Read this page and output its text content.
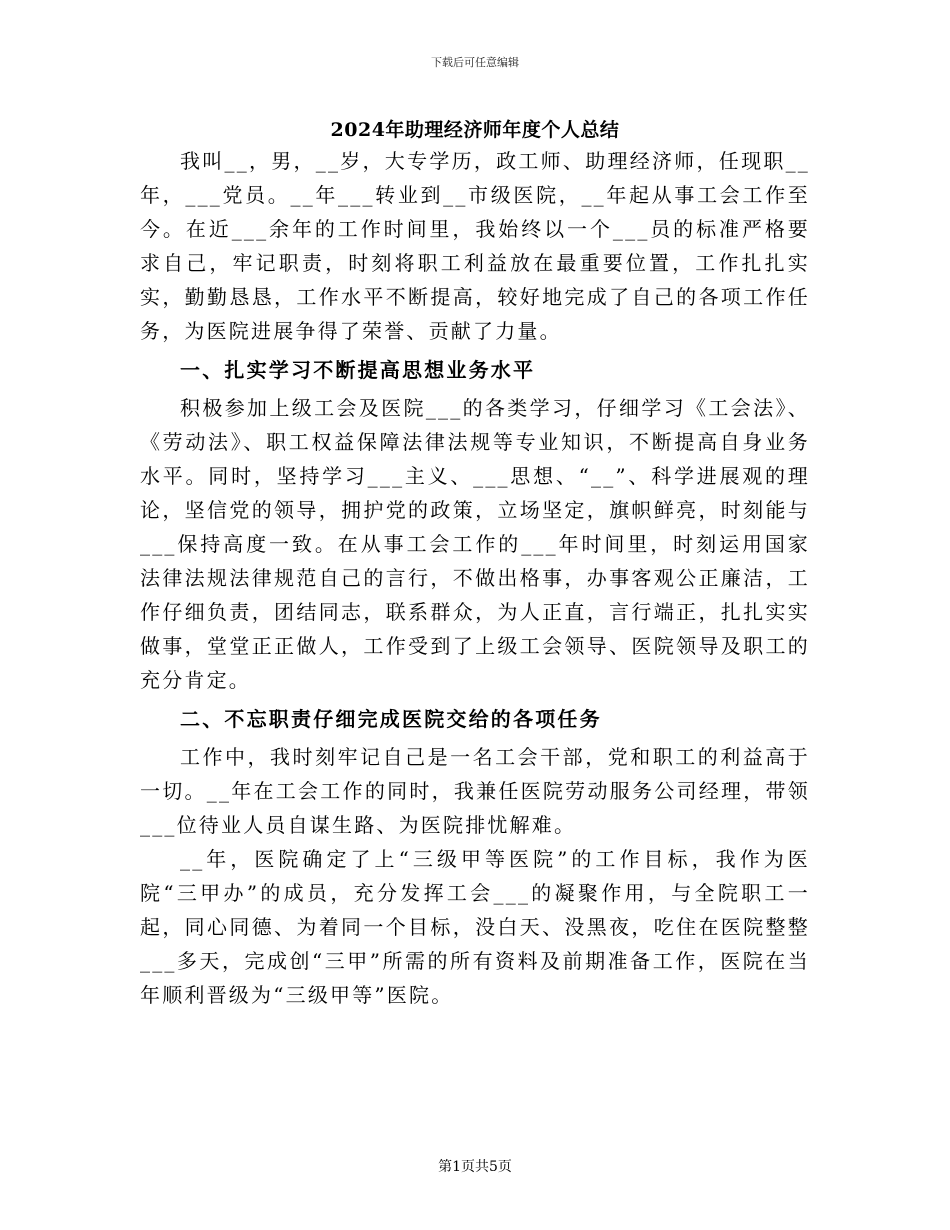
下载后可任意编辑
2024年助理经济师年度个人总结

我叫__，男，__岁，大专学历，政工师、助理经济师，任现职__年，___党员。__年___转业到__市级医院，__年起从事工会工作至今。在近___余年的工作时间里，我始终以一个___员的标准严格要求自己，牢记职责，时刻将职工利益放在最重要位置，工作扎扎实实，勤勤恳恳，工作水平不断提高，较好地完成了自己的各项工作任务，为医院进展争得了荣誉、贡献了力量。

一、扎实学习不断提高思想业务水平

积极参加上级工会及医院___的各类学习，仔细学习《工会法》、《劳动法》、职工权益保障法律法规等专业知识，不断提高自身业务水平。同时，坚持学习___主义、___思想、“__”、科学进展观的理论，坚信党的领导，拥护党的政策，立场坚定，旗帜鲜亮，时刻能与___保持高度一致。在从事工会工作的___年时间里，时刻运用国家法律法规法律规范自己的言行，不做出格事，办事客观公正廉洁，工作仔细负责，团结同志，联系群众，为人正直，言行端正，扎扎实实做事，堂堂正正做人，工作受到了上级工会领导、医院领导及职工的充分肯定。

二、不忘职责仔细完成医院交给的各项任务

工作中，我时刻牢记自己是一名工会干部，党和职工的利益高于一切。__年在工会工作的同时，我兼任医院劳动服务公司经理，带领___位待业人员自谋生路、为医院排忧解难。

__年，医院确定了上“三级甲等医院”的工作目标，我作为医院“三甲办”的成员，充分发挥工会___的凝聚作用，与全院职工一起，同心同德、为着同一个目标，没白天、没黑夜，吃住在医院整整___多天，完成创“三甲”所需的所有资料及前期准备工作，医院在当年顺利晋级为“三级甲等”医院。

第1页共5页
